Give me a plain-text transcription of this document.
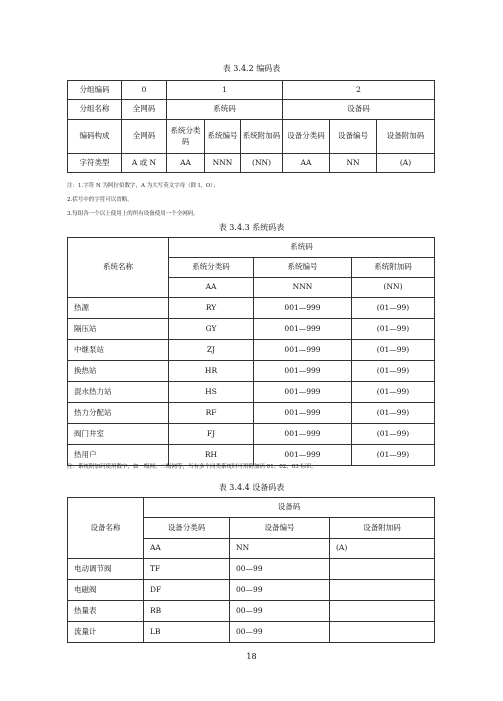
表 3.4.2 编码表
分组编码	0	1			2		
分组名称	全网码	系统码			设备码		
编码构成	全网码	系统分类码	系统编号	系统附加码	设备分类码	设备编号	设备附加码
字符类型	A 或 N	AA	NNN	(NN)	AA	NN	(A)
注：1.字符 N 为阿拉伯数字，A 为大写英文字母（除 I、O）；
2.括号中的字符可以省略。
3.每组各一个以上使用上的所有设备使用一个全网码。
表 3.4.3 系统码表
系统名称	系统码		
	系统分类码	系统编号	系统附加码
	AA	NNN	(NN)
热源	RY	001—999	(01—99)
隔压站	GY	001—999	(01—99)
中继泵站	ZJ	001—999	(01—99)
换热站	HR	001—999	(01—99)
混水热力站	HS	001—999	(01—99)
热力分配站	RF	001—999	(01—99)
阀门井室	FJ	001—999	(01—99)
热用户	RH	001—999	(01—99)
注：系统附加码使用数字，如一级网、二级网等，当有多个同类系统时可用附加码 01、02、03 标识。
表 3.4.4 设备码表
设备名称	设备码		
	设备分类码	设备编号	设备附加码
	AA	NN	(A)
电动调节阀	TF	00—99	
电磁阀	DF	00—99	
热量表	RB	00—99	
流量计	LB	00—99	
18
